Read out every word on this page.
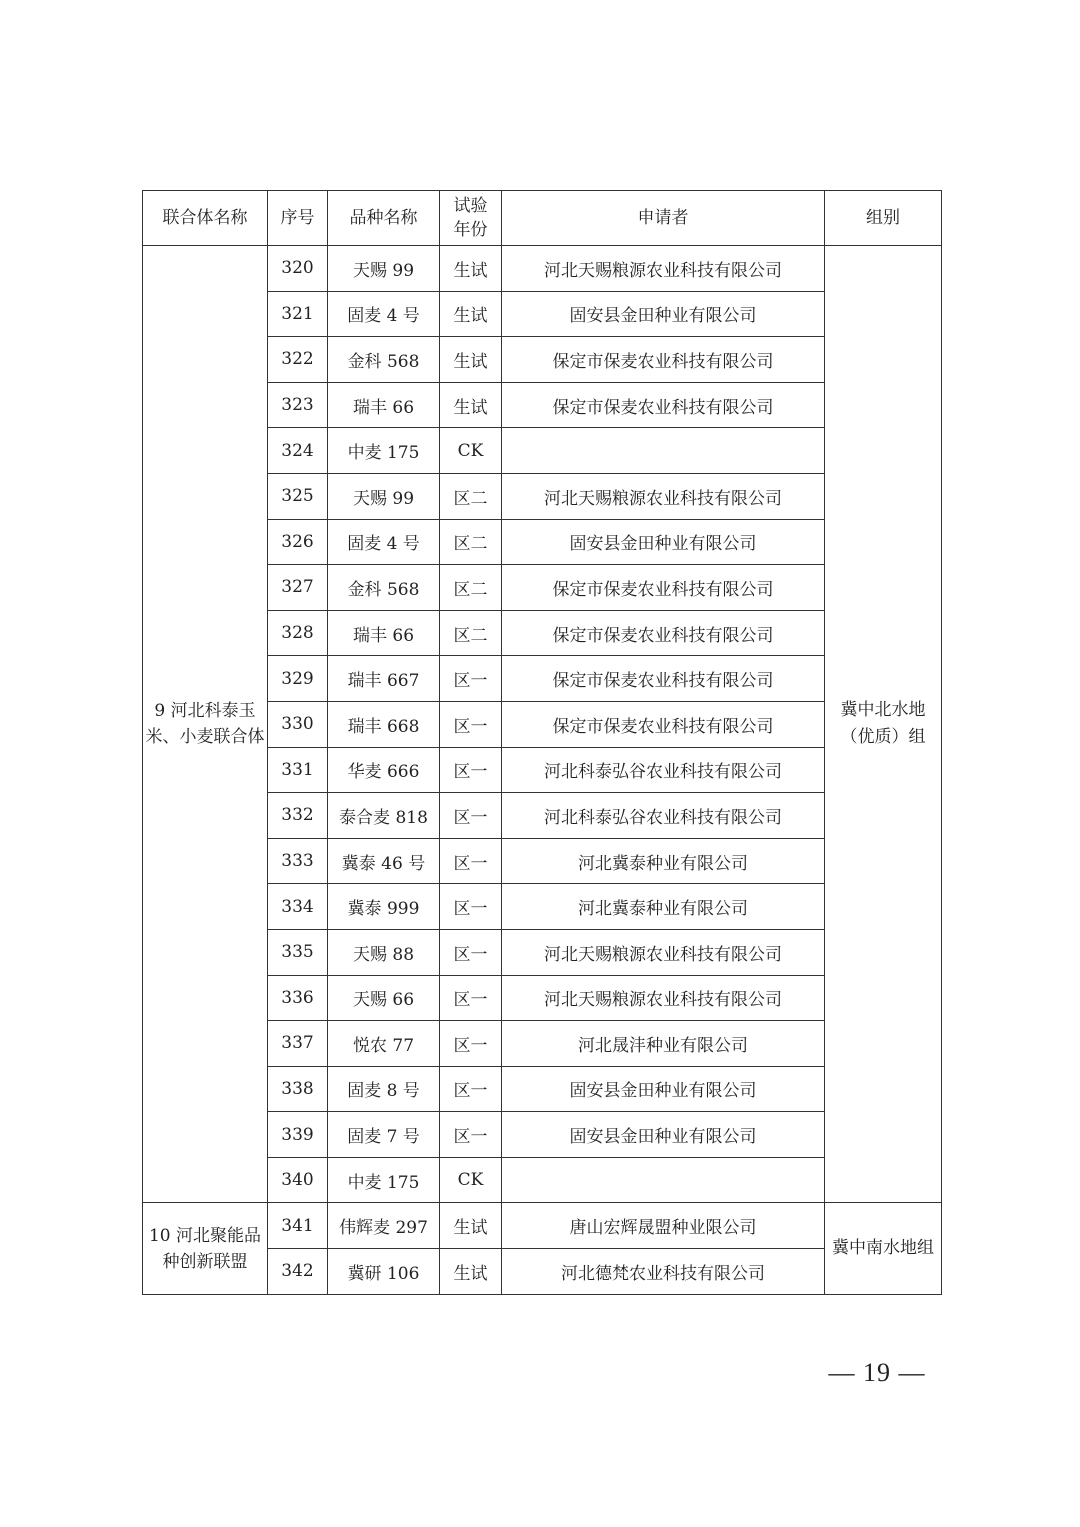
联合体名称	序号	品种名称	试验年份	申请者	组别
9 河北科泰玉米、小麦联合体	320	天赐 99	生试	河北天赐粮源农业科技有限公司	冀中北水地（优质）组
	321	固麦 4 号	生试	固安县金田种业有限公司	
	322	金科 568	生试	保定市保麦农业科技有限公司	
	323	瑞丰 66	生试	保定市保麦农业科技有限公司	
	324	中麦 175	CK		
	325	天赐 99	区二	河北天赐粮源农业科技有限公司	
	326	固麦 4 号	区二	固安县金田种业有限公司	
	327	金科 568	区二	保定市保麦农业科技有限公司	
	328	瑞丰 66	区二	保定市保麦农业科技有限公司	
	329	瑞丰 667	区一	保定市保麦农业科技有限公司	
	330	瑞丰 668	区一	保定市保麦农业科技有限公司	
	331	华麦 666	区一	河北科泰弘谷农业科技有限公司	
	332	泰合麦 818	区一	河北科泰弘谷农业科技有限公司	
	333	冀泰 46 号	区一	河北冀泰种业有限公司	
	334	冀泰 999	区一	河北冀泰种业有限公司	
	335	天赐 88	区一	河北天赐粮源农业科技有限公司	
	336	天赐 66	区一	河北天赐粮源农业科技有限公司	
	337	悦农 77	区一	河北晟沣种业有限公司	
	338	固麦 8 号	区一	固安县金田种业有限公司	
	339	固麦 7 号	区一	固安县金田种业有限公司	
	340	中麦 175	CK		
10 河北聚能品种创新联盟	341	伟辉麦 297	生试	唐山宏辉晟盟种业限公司	冀中南水地组
	342	冀研 106	生试	河北德梵农业科技有限公司	
— 19 —
